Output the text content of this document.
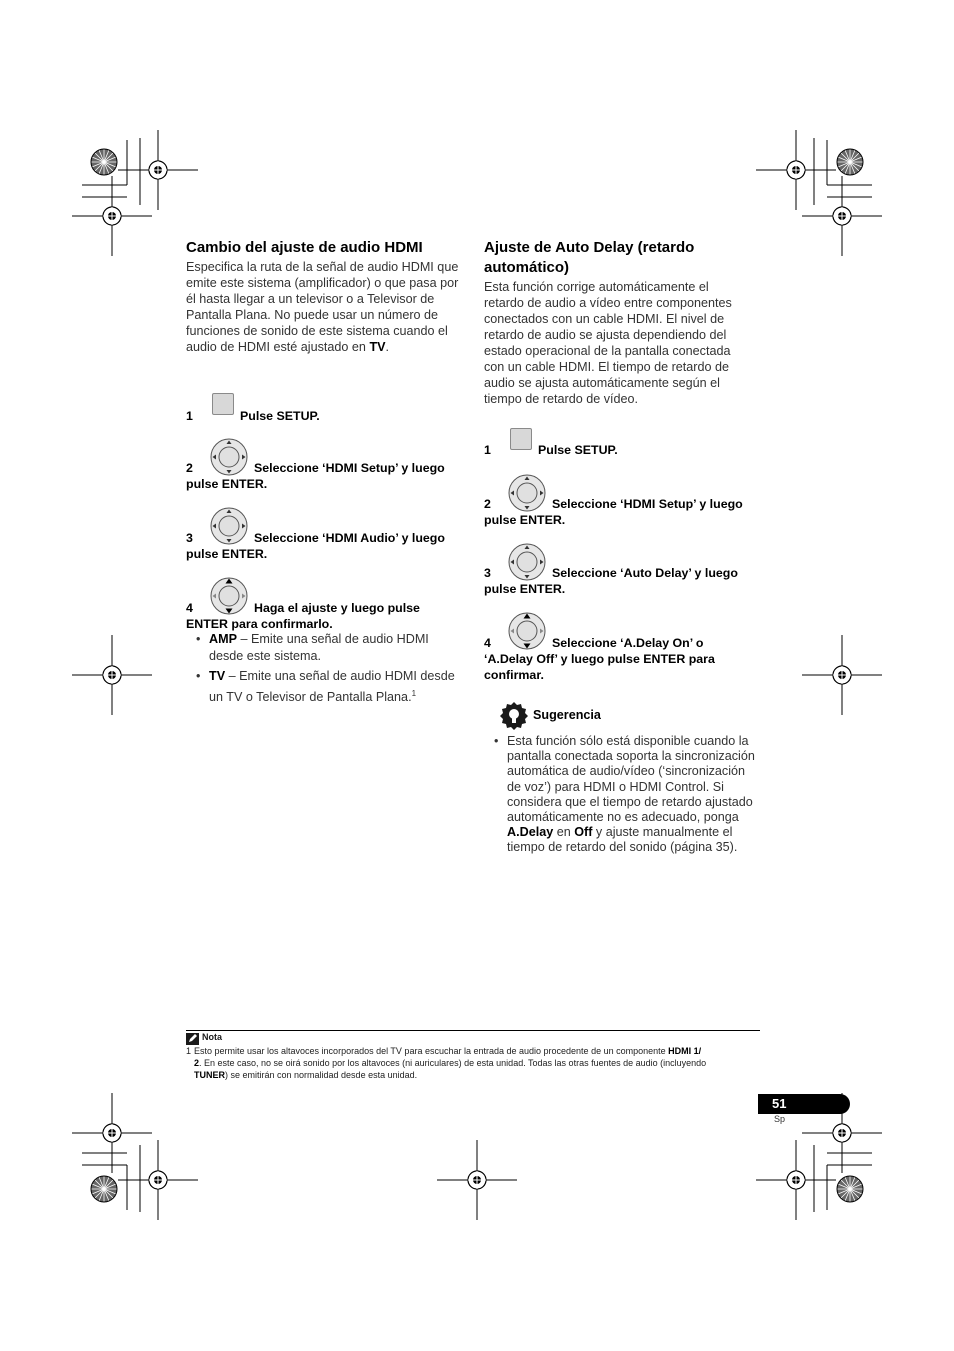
Cambio del ajuste de audio HDMI

Especifica la ruta de la señal de audio HDMI que emite este sistema (amplificador) o que pasa por él hasta llegar a un televisor o a Televisor de Pantalla Plana. No puede usar un número de funciones de sonido de este sistema cuando el audio de HDMI esté ajustado en TV.

1	Pulse SETUP.
2	Seleccione ‘HDMI Setup’ y luego
pulse ENTER.
3	Seleccione ‘HDMI Audio’ y luego
pulse ENTER.
4	Haga el ajuste y luego pulse
ENTER para confirmarlo.
• AMP – Emite una señal de audio HDMI desde este sistema.
• TV – Emite una señal de audio HDMI desde un TV o Televisor de Pantalla Plana.$^1$
Ajuste de Auto Delay (retardo automático)

Esta función corrige automáticamente el retardo de audio a vídeo entre componentes conectados con un cable HDMI. El nivel de retardo de audio se ajusta dependiendo del estado operacional de la pantalla conectada con un cable HDMI. El tiempo de retardo de audio se ajusta automáticamente según el tiempo de retardo de vídeo.

1	Pulse SETUP.
2	Seleccione ‘HDMI Setup’ y luego
pulse ENTER.
3	Seleccione ‘Auto Delay’ y luego
pulse ENTER.
4	Seleccione ‘A.Delay On’ o
‘A.Delay Off’ y luego pulse ENTER para
confirmar.
Sugerencia
• Esta función sólo está disponible cuando la pantalla conectada soporta la sincronización automática de audio/vídeo (‘sincronización de voz’) para HDMI o HDMI Control. Si considera que el tiempo de retardo ajustado automáticamente no es adecuado, ponga A.Delay en Off y ajuste manualmente el tiempo de retardo del sonido (página 35).
Nota
1 Esto permite usar los altavoces incorporados del TV para escuchar la entrada de audio procedente de un componente HDMI 1/
2. En este caso, no se oirá sonido por los altavoces (ni auriculares) de esta unidad. Todas las otras fuentes de audio (incluyendo
TUNER) se emitirán con normalidad desde esta unidad.
51
Sp
